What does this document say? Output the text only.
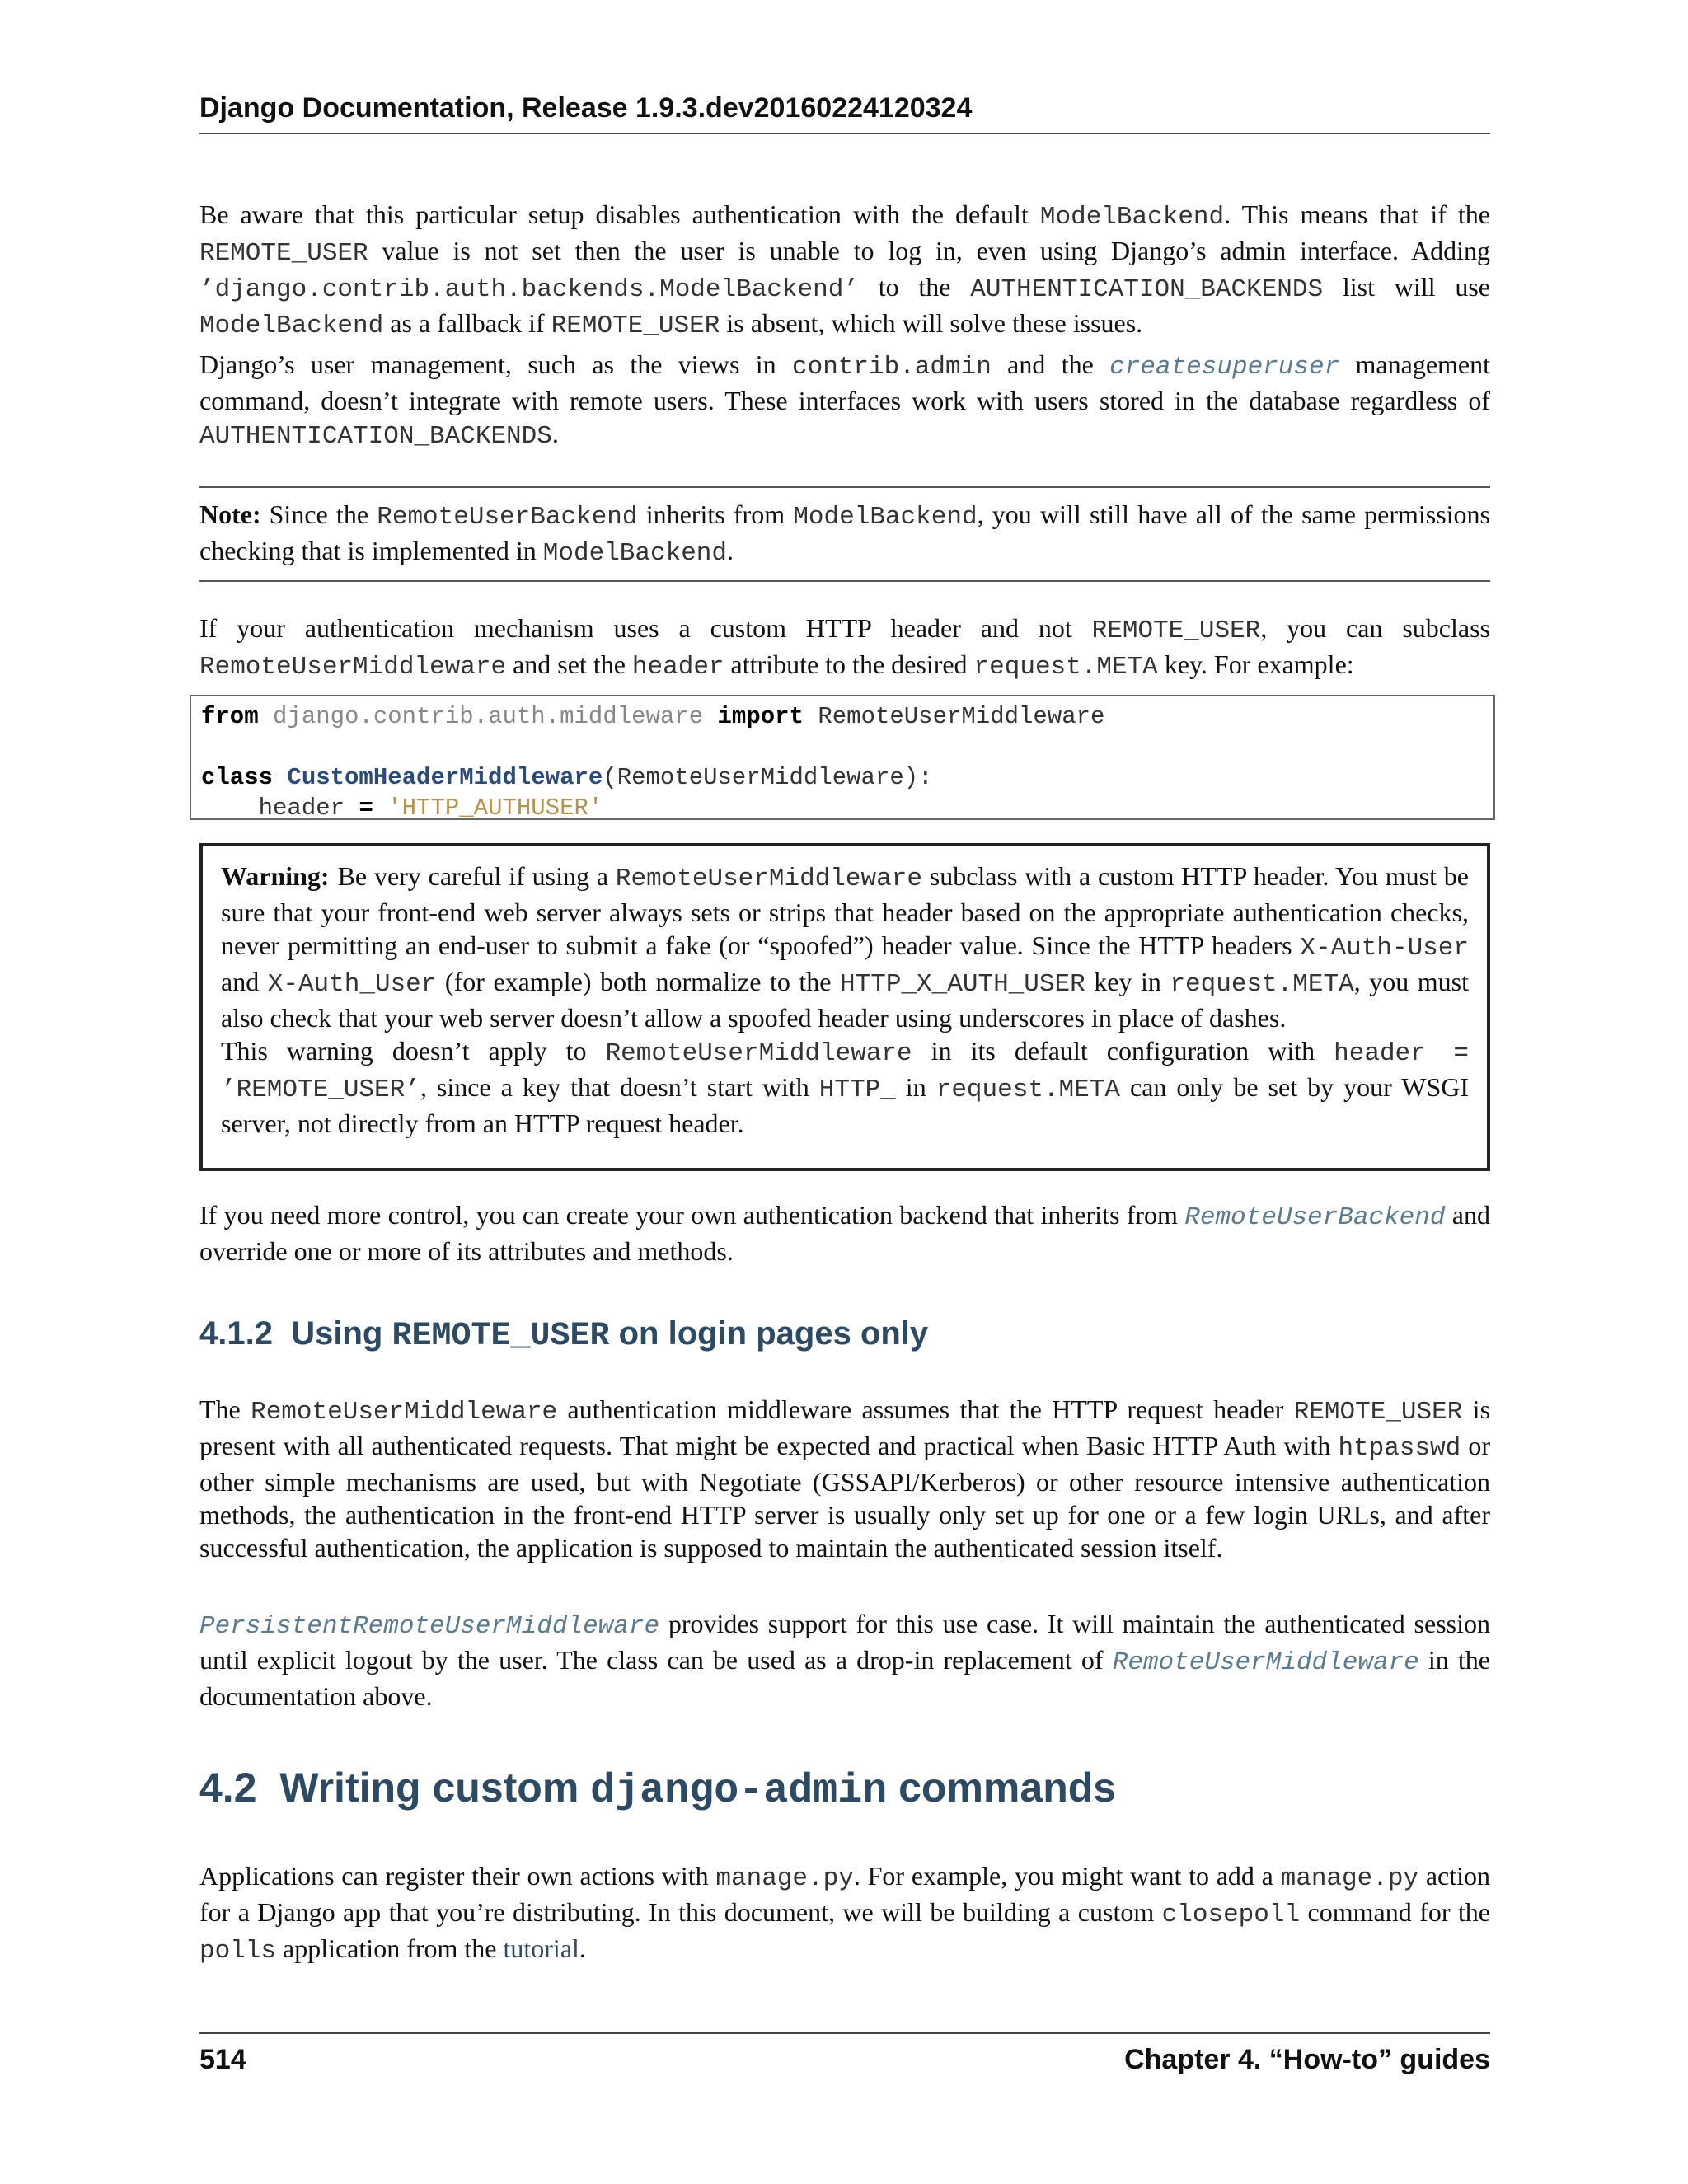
Django Documentation, Release 1.9.3.dev20160224120324
Be aware that this particular setup disables authentication with the default ModelBackend. This means that if the REMOTE_USER value is not set then the user is unable to log in, even using Django’s admin interface. Adding ’django.contrib.auth.backends.ModelBackend’ to the AUTHENTICATION_BACKENDS list will use ModelBackend as a fallback if REMOTE_USER is absent, which will solve these issues.
Django’s user management, such as the views in contrib.admin and the createsuperuser management command, doesn’t integrate with remote users. These interfaces work with users stored in the database regardless of AUTHENTICATION_BACKENDS.
Note: Since the RemoteUserBackend inherits from ModelBackend, you will still have all of the same permissions checking that is implemented in ModelBackend.
If your authentication mechanism uses a custom HTTP header and not REMOTE_USER, you can subclass RemoteUserMiddleware and set the header attribute to the desired request.META key. For example:
from django.contrib.auth.middleware import RemoteUserMiddleware

class CustomHeaderMiddleware(RemoteUserMiddleware):
header = 'HTTP_AUTHUSER'
Warning: Be very careful if using a RemoteUserMiddleware subclass with a custom HTTP header. You must be sure that your front-end web server always sets or strips that header based on the appropriate authentication checks, never permitting an end-user to submit a fake (or “spoofed”) header value. Since the HTTP headers X-Auth-User and X-Auth_User (for example) both normalize to the HTTP_X_AUTH_USER key in request.META, you must also check that your web server doesn’t allow a spoofed header using underscores in place of dashes.
This warning doesn’t apply to RemoteUserMiddleware in its default configuration with header = ’REMOTE_USER’, since a key that doesn’t start with HTTP_ in request.META can only be set by your WSGI server, not directly from an HTTP request header.
If you need more control, you can create your own authentication backend that inherits from RemoteUserBackend and override one or more of its attributes and methods.
4.1.2 Using REMOTE_USER on login pages only
The RemoteUserMiddleware authentication middleware assumes that the HTTP request header REMOTE_USER is present with all authenticated requests. That might be expected and practical when Basic HTTP Auth with htpasswd or other simple mechanisms are used, but with Negotiate (GSSAPI/Kerberos) or other resource intensive authentication methods, the authentication in the front-end HTTP server is usually only set up for one or a few login URLs, and after successful authentication, the application is supposed to maintain the authenticated session itself.
PersistentRemoteUserMiddleware provides support for this use case. It will maintain the authenticated session until explicit logout by the user. The class can be used as a drop-in replacement of RemoteUserMiddleware in the documentation above.
4.2 Writing custom django-admin commands
Applications can register their own actions with manage.py. For example, you might want to add a manage.py action for a Django app that you’re distributing. In this document, we will be building a custom closepoll command for the polls application from the tutorial.
514	Chapter 4. “How-to” guides
